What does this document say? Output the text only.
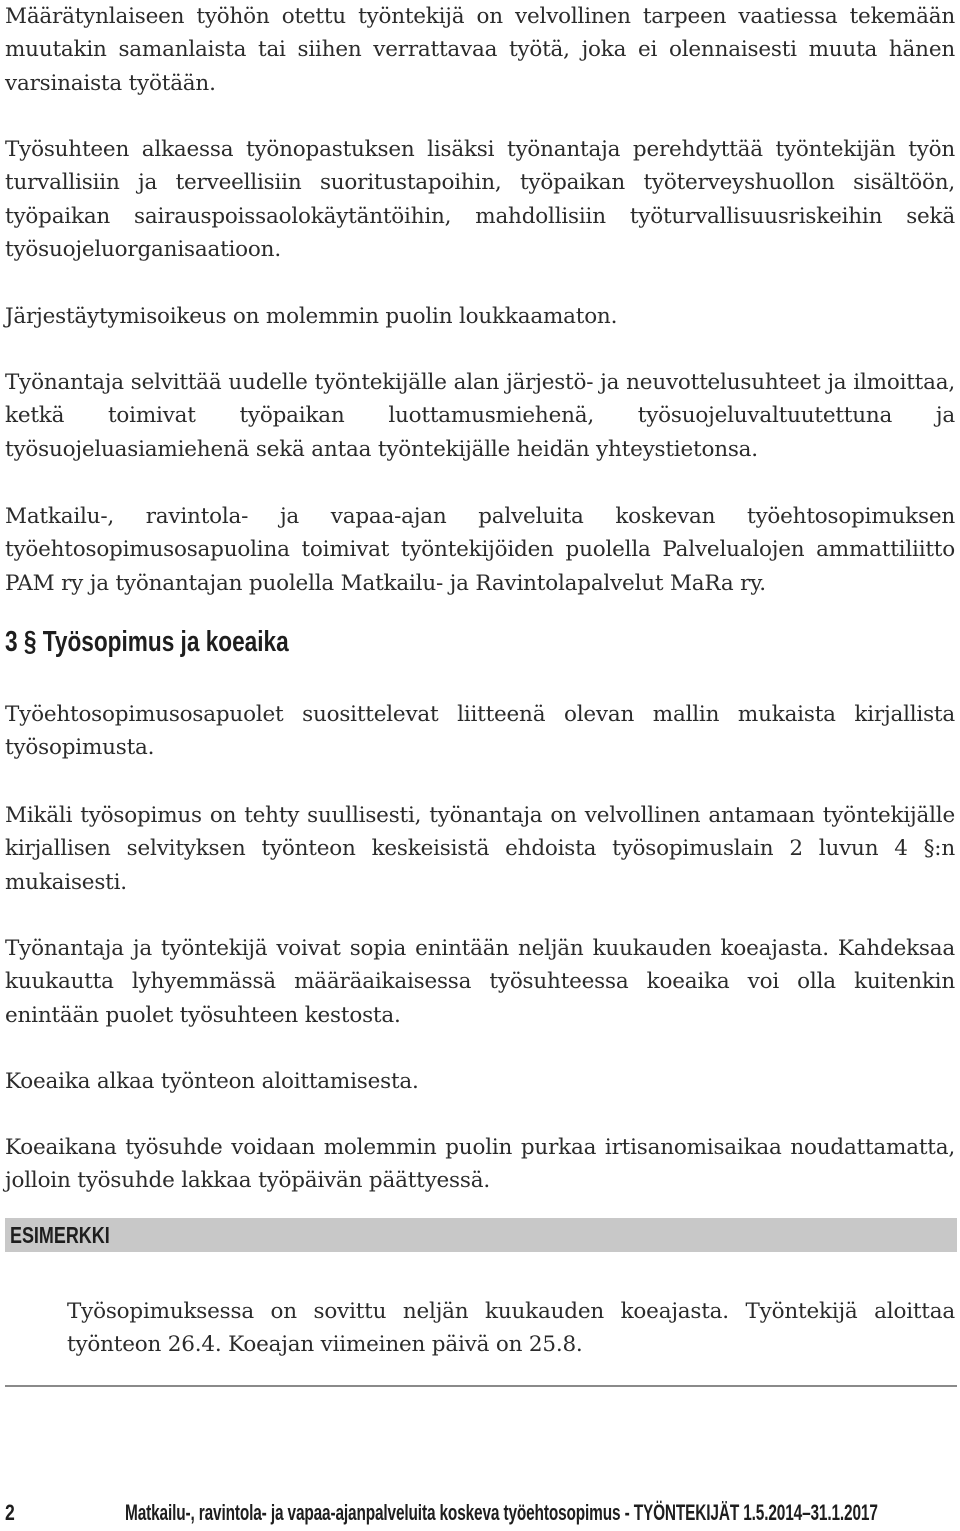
Määrätynlaiseen työhön otettu työntekijä on velvollinen tarpeen vaatiessa tekemään muutakin samanlaista tai siihen verrattavaa työtä, joka ei olennaisesti muuta hänen varsinaista työtään.

Työsuhteen alkaessa työnopastuksen lisäksi työnantaja perehdyttää työntekijän työn turvallisiin ja terveellisiin suoritustapoihin, työpaikan työterveyshuollon sisältöön, työpaikan sairauspoissaolokäytäntöihin, mahdollisiin työturvallisuusriskeihin sekä työsuojeluorganisaatioon.

Järjestäytymisoikeus on molemmin puolin loukkaamaton.

Työnantaja selvittää uudelle työntekijälle alan järjestö- ja neuvottelusuhteet ja ilmoittaa, ketkä toimivat työpaikan luottamusmiehenä, työsuojeluvaltuutettuna ja työsuojeluasiamiehenä sekä antaa työntekijälle heidän yhteystietonsa.

Matkailu-, ravintola- ja vapaa-ajan palveluita koskevan työehtosopimuksen työehtosopimusosapuolina toimivat työntekijöiden puolella Palvelualojen ammattiliitto PAM ry ja työnantajan puolella Matkailu- ja Ravintolapalvelut MaRa ry.

3 § Työsopimus ja koeaika

Työehtosopimusosapuolet suosittelevat liitteenä olevan mallin mukaista kirjallista työsopimusta.

Mikäli työsopimus on tehty suullisesti, työnantaja on velvollinen antamaan työntekijälle kirjallisen selvityksen työnteon keskeisistä ehdoista työsopimuslain 2 luvun 4 §:n mukaisesti.

Työnantaja ja työntekijä voivat sopia enintään neljän kuukauden koeajasta. Kahdeksaa kuukautta lyhyemmässä määräaikaisessa työsuhteessa koeaika voi olla kuitenkin enintään puolet työsuhteen kestosta.

Koeaika alkaa työnteon aloittamisesta.

Koeaikana työsuhde voidaan molemmin puolin purkaa irtisanomisaikaa noudattamatta, jolloin työsuhde lakkaa työpäivän päättyessä.

ESIMERKKI

Työsopimuksessa on sovittu neljän kuukauden koeajasta. Työntekijä aloittaa työnteon 26.4. Koeajan viimeinen päivä on 25.8.

2	Matkailu-, ravintola- ja vapaa-ajanpalveluita koskeva työehtosopimus - TYÖNTEKIJÄT 1.5.2014–31.1.2017
